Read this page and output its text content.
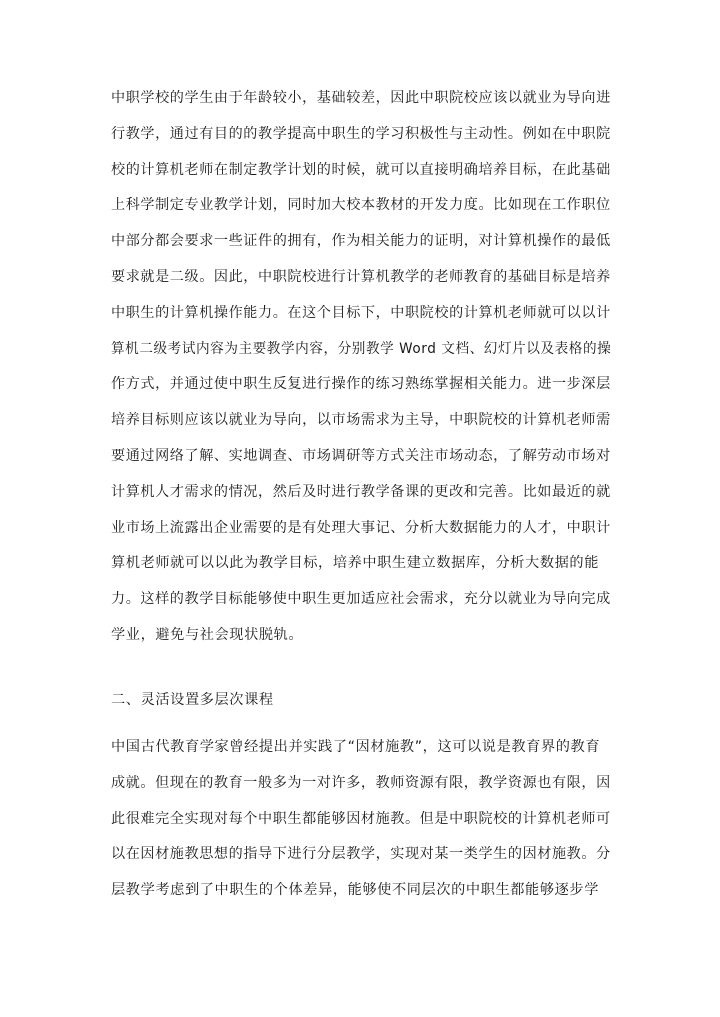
中职学校的学生由于年龄较小，基础较差，因此中职院校应该以就业为导向进
行教学，通过有目的的教学提高中职生的学习积极性与主动性。例如在中职院
校的计算机老师在制定教学计划的时候，就可以直接明确培养目标，在此基础
上科学制定专业教学计划，同时加大校本教材的开发力度。比如现在工作职位
中部分都会要求一些证件的拥有，作为相关能力的证明，对计算机操作的最低
要求就是二级。因此，中职院校进行计算机教学的老师教育的基础目标是培养
中职生的计算机操作能力。在这个目标下，中职院校的计算机老师就可以以计
算机二级考试内容为主要教学内容，分别教学 Word 文档、幻灯片以及表格的操
作方式，并通过使中职生反复进行操作的练习熟练掌握相关能力。进一步深层
培养目标则应该以就业为导向，以市场需求为主导，中职院校的计算机老师需
要通过网络了解、实地调查、市场调研等方式关注市场动态，了解劳动市场对
计算机人才需求的情况，然后及时进行教学备课的更改和完善。比如最近的就
业市场上流露出企业需要的是有处理大事记、分析大数据能力的人才，中职计
算机老师就可以以此为教学目标，培养中职生建立数据库，分析大数据的能
力。这样的教学目标能够使中职生更加适应社会需求，充分以就业为导向完成
学业，避免与社会现状脱轨。
二、灵活设置多层次课程
中国古代教育学家曾经提出并实践了“因材施教”，这可以说是教育界的教育
成就。但现在的教育一般多为一对许多，教师资源有限，教学资源也有限，因
此很难完全实现对每个中职生都能够因材施教。但是中职院校的计算机老师可
以在因材施教思想的指导下进行分层教学，实现对某一类学生的因材施教。分
层教学考虑到了中职生的个体差异，能够使不同层次的中职生都能够逐步学
